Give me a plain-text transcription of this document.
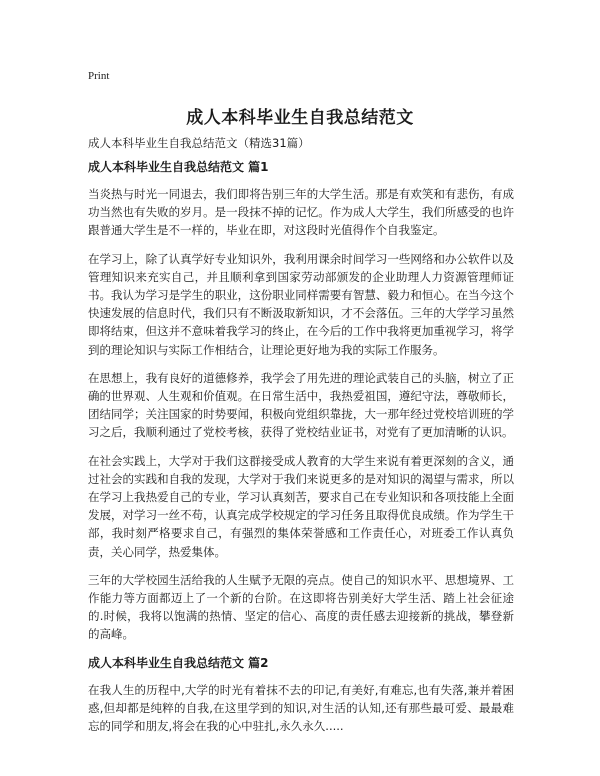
Print
成人本科毕业生自我总结范文
成人本科毕业生自我总结范文（精选31篇）
成人本科毕业生自我总结范文 篇1

当炎热与时光一同退去，我们即将告别三年的大学生活。那是有欢笑和有悲伤，有成功当然也有失败的岁月。是一段抹不掉的记忆。作为成人大学生，我们所感受的也许跟普通大学生是不一样的，毕业在即，对这段时光值得作个自我鉴定。

在学习上，除了认真学好专业知识外，我利用课余时间学习一些网络和办公软件以及管理知识来充实自己，并且顺利拿到国家劳动部颁发的企业助理人力资源管理师证书。我认为学习是学生的职业，这份职业同样需要有智慧、毅力和恒心。在当今这个快速发展的信息时代，我们只有不断汲取新知识，才不会落伍。三年的大学学习虽然即将结束，但这并不意味着我学习的终止，在今后的工作中我将更加重视学习，将学到的理论知识与实际工作相结合，让理论更好地为我的实际工作服务。

在思想上，我有良好的道德修养，我学会了用先进的理论武装自己的头脑，树立了正确的世界观、人生观和价值观。在日常生活中，我热爱祖国，遵纪守法，尊敬师长，团结同学；关注国家的时势要闻，积极向党组织靠拢，大一那年经过党校培训班的学习之后，我顺利通过了党校考核，获得了党校结业证书，对党有了更加清晰的认识。

在社会实践上，大学对于我们这群接受成人教育的大学生来说有着更深刻的含义，通过社会的实践和自我的发现，大学对于我们来说更多的是对知识的渴望与需求，所以在学习上我热爱自己的专业，学习认真刻苦，要求自己在专业知识和各项技能上全面发展，对学习一丝不苟，认真完成学校规定的学习任务且取得优良成绩。作为学生干部，我时刻严格要求自己，有强烈的集体荣誉感和工作责任心，对班委工作认真负责，关心同学，热爱集体。

三年的大学校园生活给我的人生赋予无限的亮点。使自己的知识水平、思想境界、工作能力等方面都迈上了一个新的台阶。在这即将告别美好大学生活、踏上社会征途的.时候，我将以饱满的热情、坚定的信心、高度的责任感去迎接新的挑战，攀登新的高峰。

成人本科毕业生自我总结范文 篇2

在我人生的历程中,大学的时光有着抹不去的印记,有美好,有难忘,也有失落,兼并着困惑,但却都是纯粹的自我,在这里学到的知识,对生活的认知,还有那些最可爱、最最难忘的同学和朋友,将会在我的心中驻扎,永久永久.....
